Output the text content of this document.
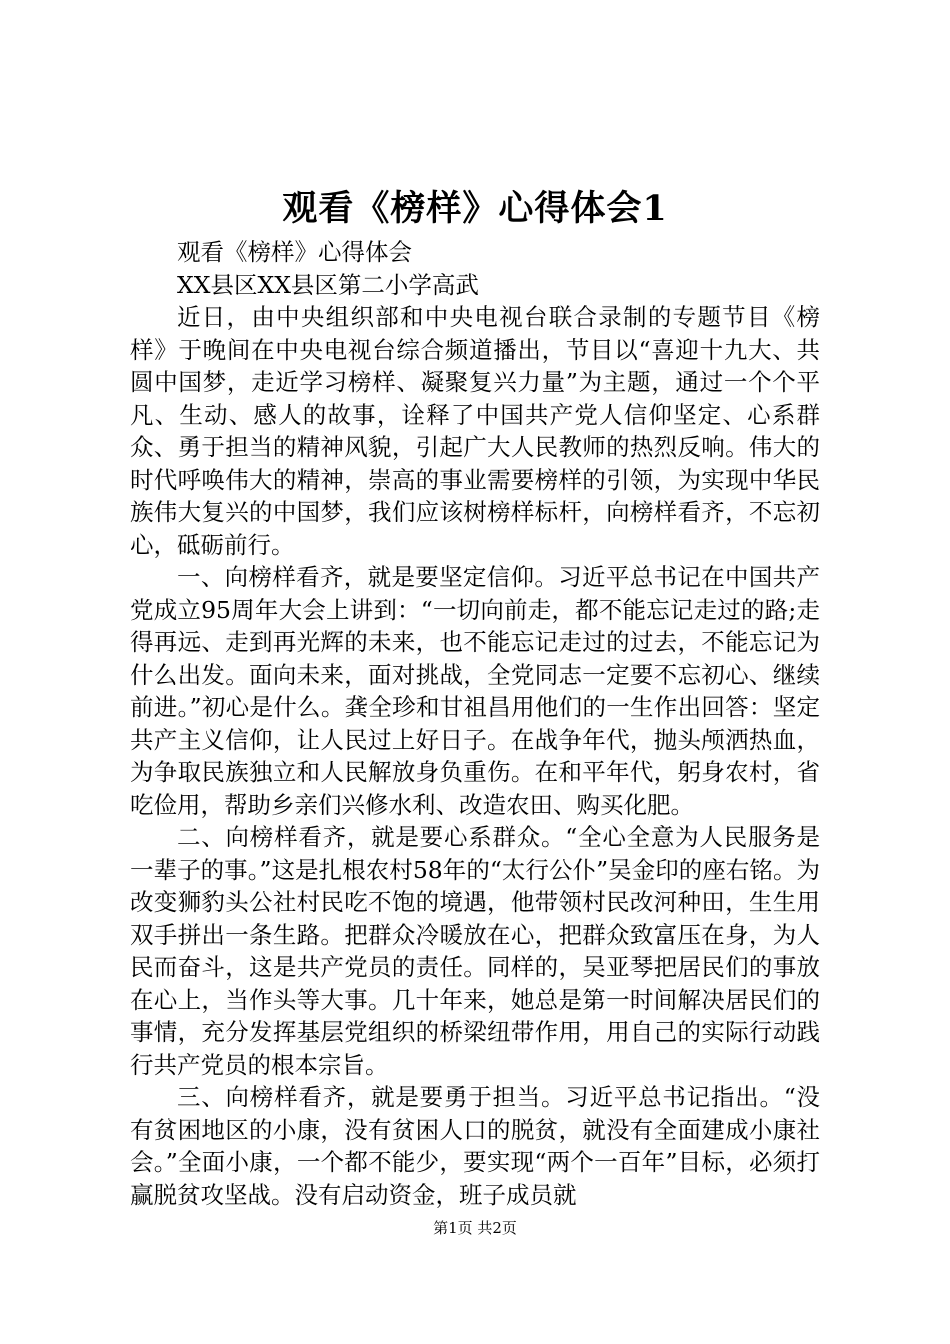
观看《榜样》心得体会1

观看《榜样》心得体会

XX县区XX县区第二小学高武

近日，由中央组织部和中央电视台联合录制的专题节目《榜样》于晚间在中央电视台综合频道播出，节目以“喜迎十九大、共圆中国梦，走近学习榜样、凝聚复兴力量”为主题，通过一个个平凡、生动、感人的故事，诠释了中国共产党人信仰坚定、心系群众、勇于担当的精神风貌，引起广大人民教师的热烈反响。伟大的时代呼唤伟大的精神，崇高的事业需要榜样的引领，为实现中华民族伟大复兴的中国梦，我们应该树榜样标杆，向榜样看齐，不忘初心，砥砺前行。

一、向榜样看齐，就是要坚定信仰。习近平总书记在中国共产党成立95周年大会上讲到：“一切向前走，都不能忘记走过的路;走得再远、走到再光辉的未来，也不能忘记走过的过去，不能忘记为什么出发。面向未来，面对挑战，全党同志一定要不忘初心、继续前进。”初心是什么。龚全珍和甘祖昌用他们的一生作出回答：坚定共产主义信仰，让人民过上好日子。在战争年代，抛头颅洒热血，为争取民族独立和人民解放身负重伤。在和平年代，躬身农村，省吃俭用，帮助乡亲们兴修水利、改造农田、购买化肥。

二、向榜样看齐，就是要心系群众。“全心全意为人民服务是一辈子的事。”这是扎根农村58年的“太行公仆”吴金印的座右铭。为改变狮豹头公社村民吃不饱的境遇，他带领村民改河种田，生生用双手拼出一条生路。把群众冷暖放在心，把群众致富压在身，为人民而奋斗，这是共产党员的责任。同样的，吴亚琴把居民们的事放在心上，当作头等大事。几十年来，她总是第一时间解决居民们的事情，充分发挥基层党组织的桥梁纽带作用，用自己的实际行动践行共产党员的根本宗旨。

三、向榜样看齐，就是要勇于担当。习近平总书记指出。“没有贫困地区的小康，没有贫困人口的脱贫，就没有全面建成小康社会。”全面小康，一个都不能少，要实现“两个一百年”目标，必须打赢脱贫攻坚战。没有启动资金，班子成员就

第1页 共2页
